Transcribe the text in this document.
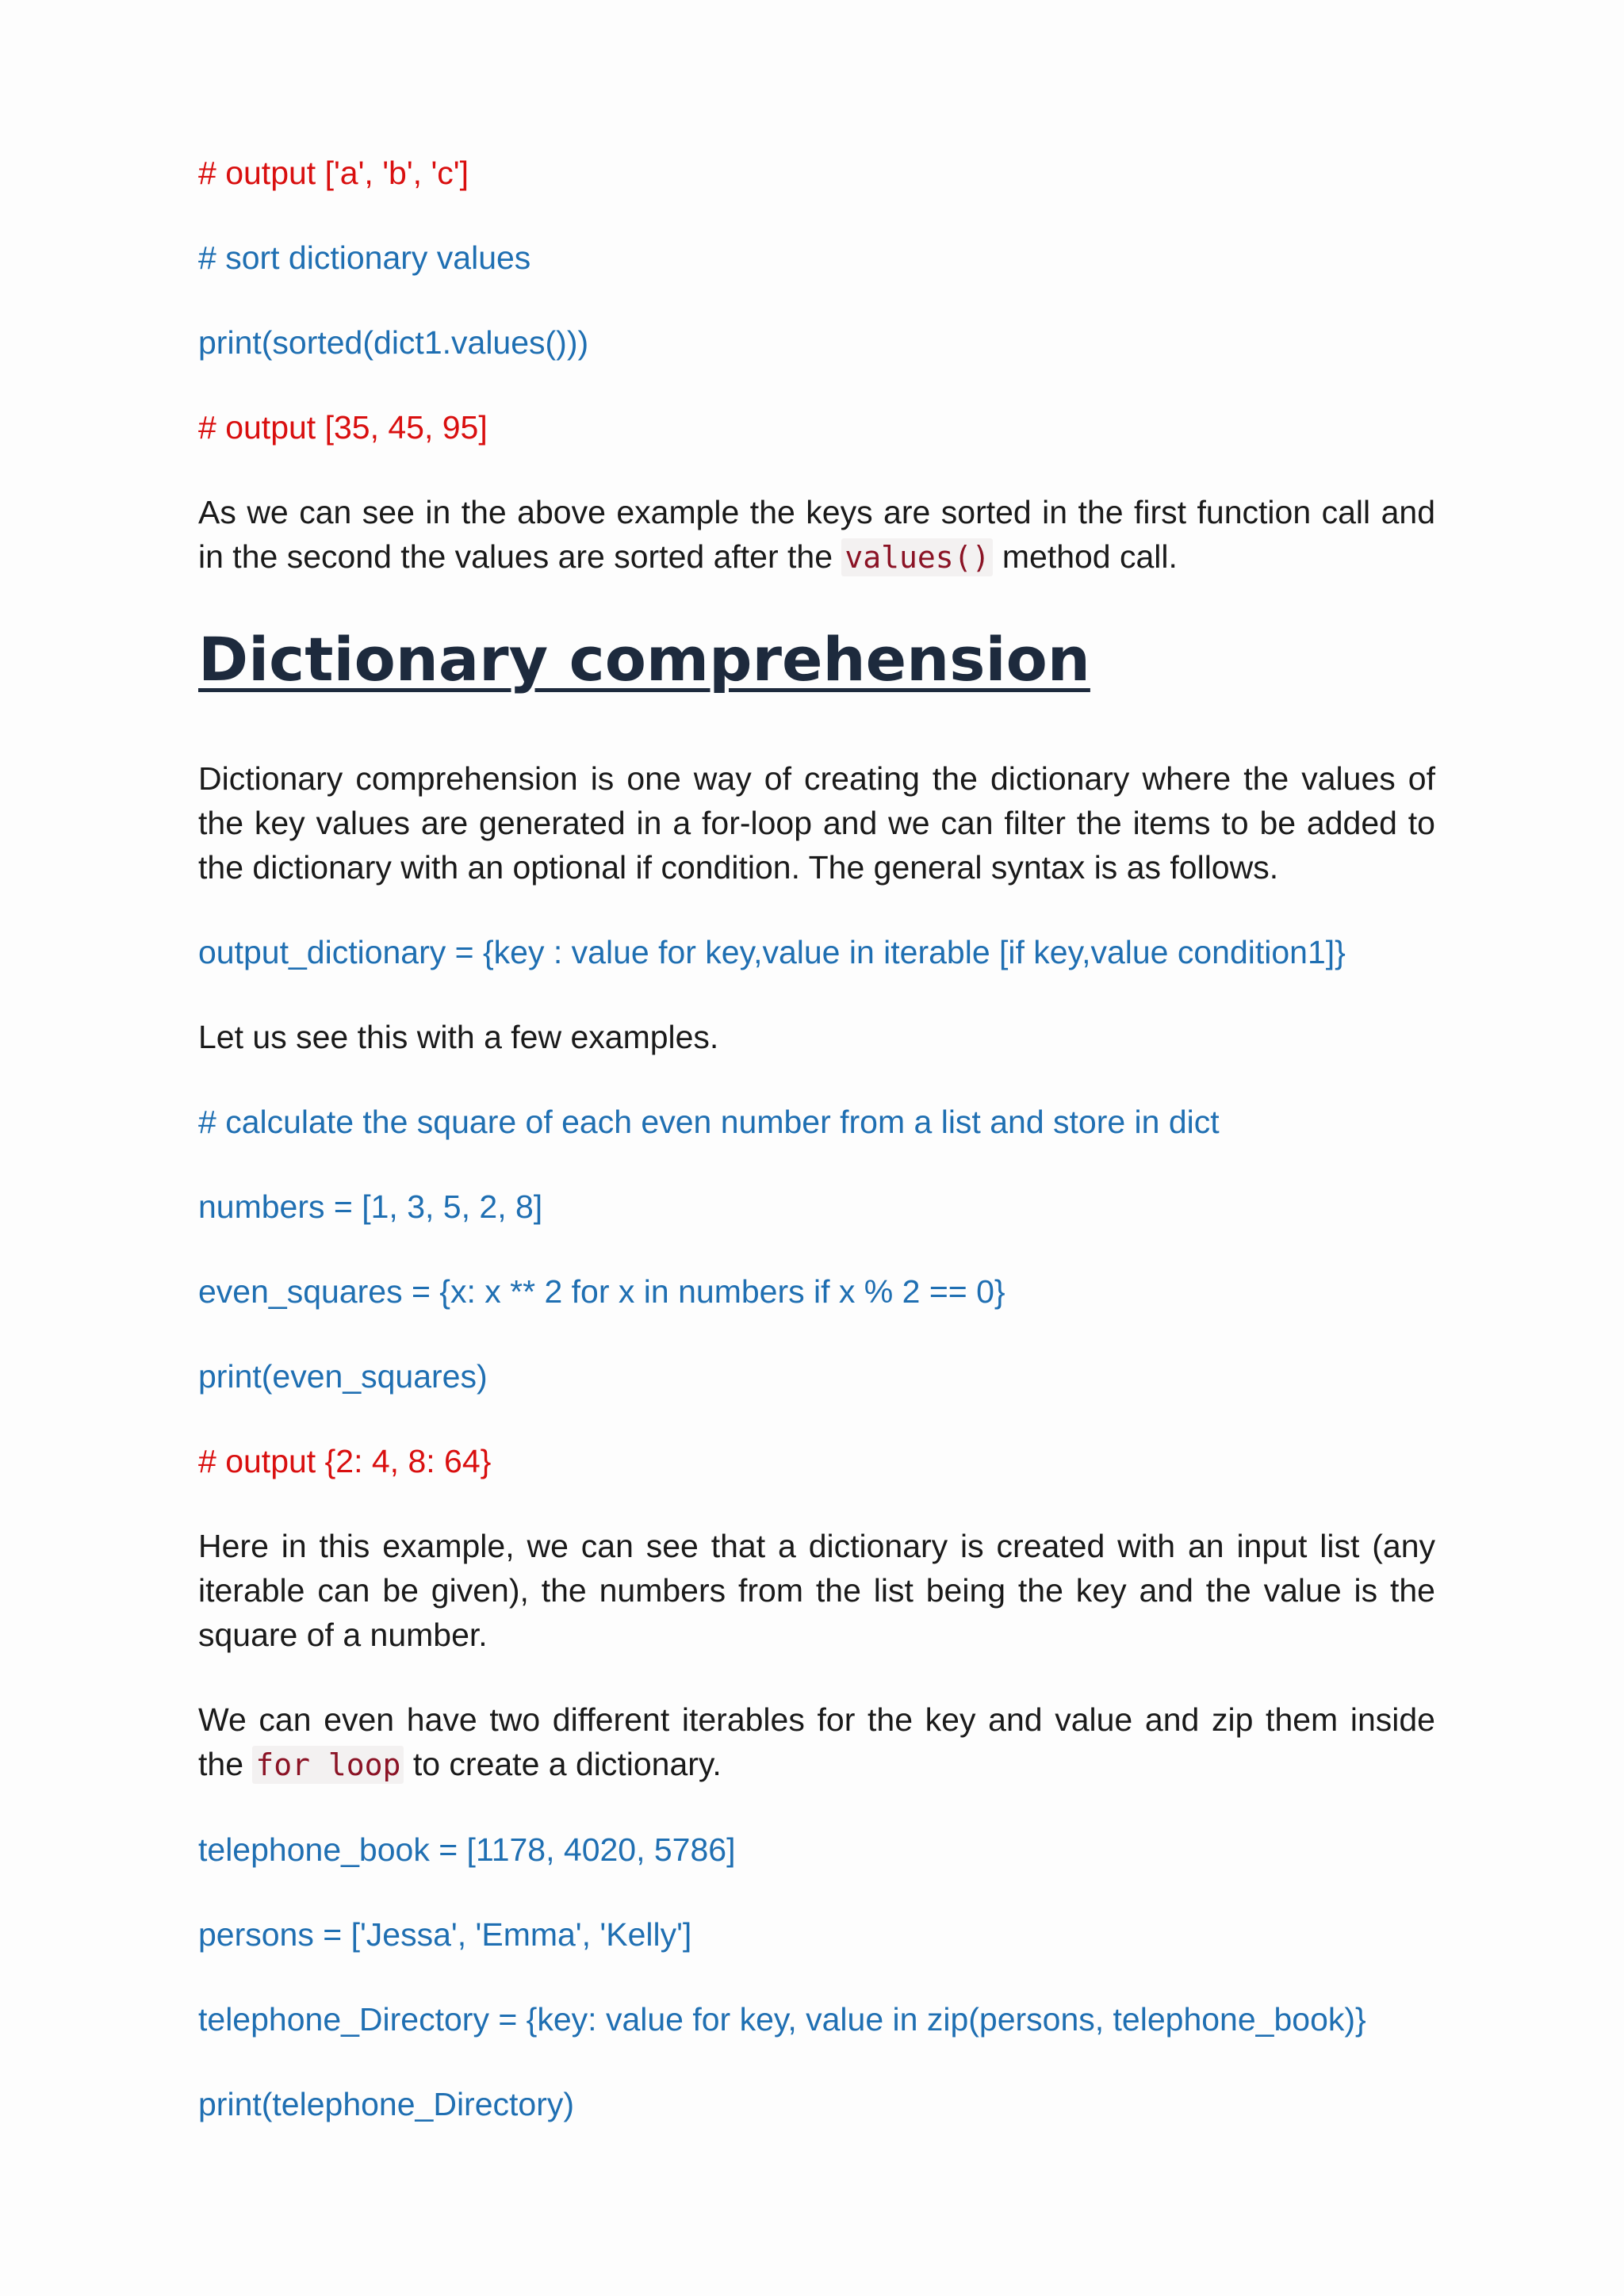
# output ['a', 'b', 'c']
# sort dictionary values
print(sorted(dict1.values()))
# output [35, 45, 95]

As we can see in the above example the keys are sorted in the first function call and in the second the values are sorted after the values() method call.

Dictionary comprehension

Dictionary comprehension is one way of creating the dictionary where the values of the key values are generated in a for-loop and we can filter the items to be added to the dictionary with an optional if condition. The general syntax is as follows.

output_dictionary = {key : value for key,value in iterable [if key,value condition1]}

Let us see this with a few examples.

# calculate the square of each even number from a list and store in dict
numbers = [1, 3, 5, 2, 8]
even_squares = {x: x ** 2 for x in numbers if x % 2 == 0}
print(even_squares)
# output {2: 4, 8: 64}

Here in this example, we can see that a dictionary is created with an input list (any iterable can be given), the numbers from the list being the key and the value is the square of a number.

We can even have two different iterables for the key and value and zip them inside the for loop to create a dictionary.

telephone_book = [1178, 4020, 5786]
persons = ['Jessa', 'Emma', 'Kelly']
telephone_Directory = {key: value for key, value in zip(persons, telephone_book)}
print(telephone_Directory)
